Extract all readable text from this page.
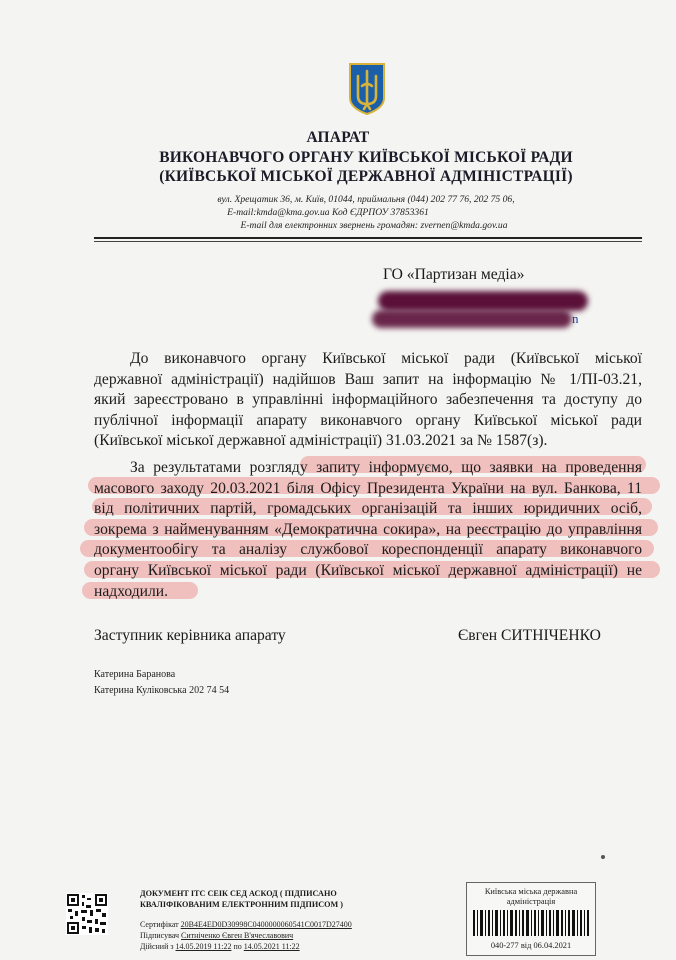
АПАРАТ
ВИКОНАВЧОГО ОРГАНУ КИЇВСЬКОЇ МІСЬКОЇ РАДИ
(КИЇВСЬКОЇ МІСЬКОЇ ДЕРЖАВНОЇ АДМІНІСТРАЦІЇ)
вул. Хрещатик 36, м. Київ, 01044, приймальня (044) 202 77 76, 202 75 06,
E-mail:kmda@kma.gov.ua Код ЄДРПОУ 37853361
E-mail для електронних звернень громадян: zvernen@kmda.gov.ua
ГО «Партизан медіа»
n
До виконавчого органу Київської міської ради (Київської міської
державної адміністрації) надійшов Ваш запит на інформацію № 1/ПІ-03.21,
який зареєстровано в управлінні інформаційного забезпечення та доступу до
публічної інформації апарату виконавчого органу Київської міської ради
(Київської міської державної адміністрації) 31.03.2021 за № 1587(з).
За результатами розгляду запиту інформуємо, що заявки на проведення
масового заходу 20.03.2021 біля Офісу Президента України на вул. Банкова, 11
від політичних партій, громадських організацій та інших юридичних осіб,
зокрема з найменуванням «Демократична сокира», на реєстрацію до управління
документообігу та аналізу службової кореспонденції апарату виконавчого
органу Київської міської ради (Київської міської державної адміністрації) не
надходили.
Заступник керівника апарату	Євген СИТНІЧЕНКО
Катерина Баранова
Катерина Куліковська 202 74 54
ДОКУМЕНТ ІТС СЕІК СЕД АСКОД ( ПІДПИСАНО
КВАЛІФІКОВАНИМ ЕЛЕКТРОННИМ ПІДПИСОМ )
Сертифікат 20B4E4ED0D30998C0400000060541C0017D27400
Підписувач Ситніченко Євген В'ячеславович
Дійсний з 14.05.2019 11:22 по 14.05.2021 11:22
Київська міська державна адміністрація
040-277 від 06.04.2021
